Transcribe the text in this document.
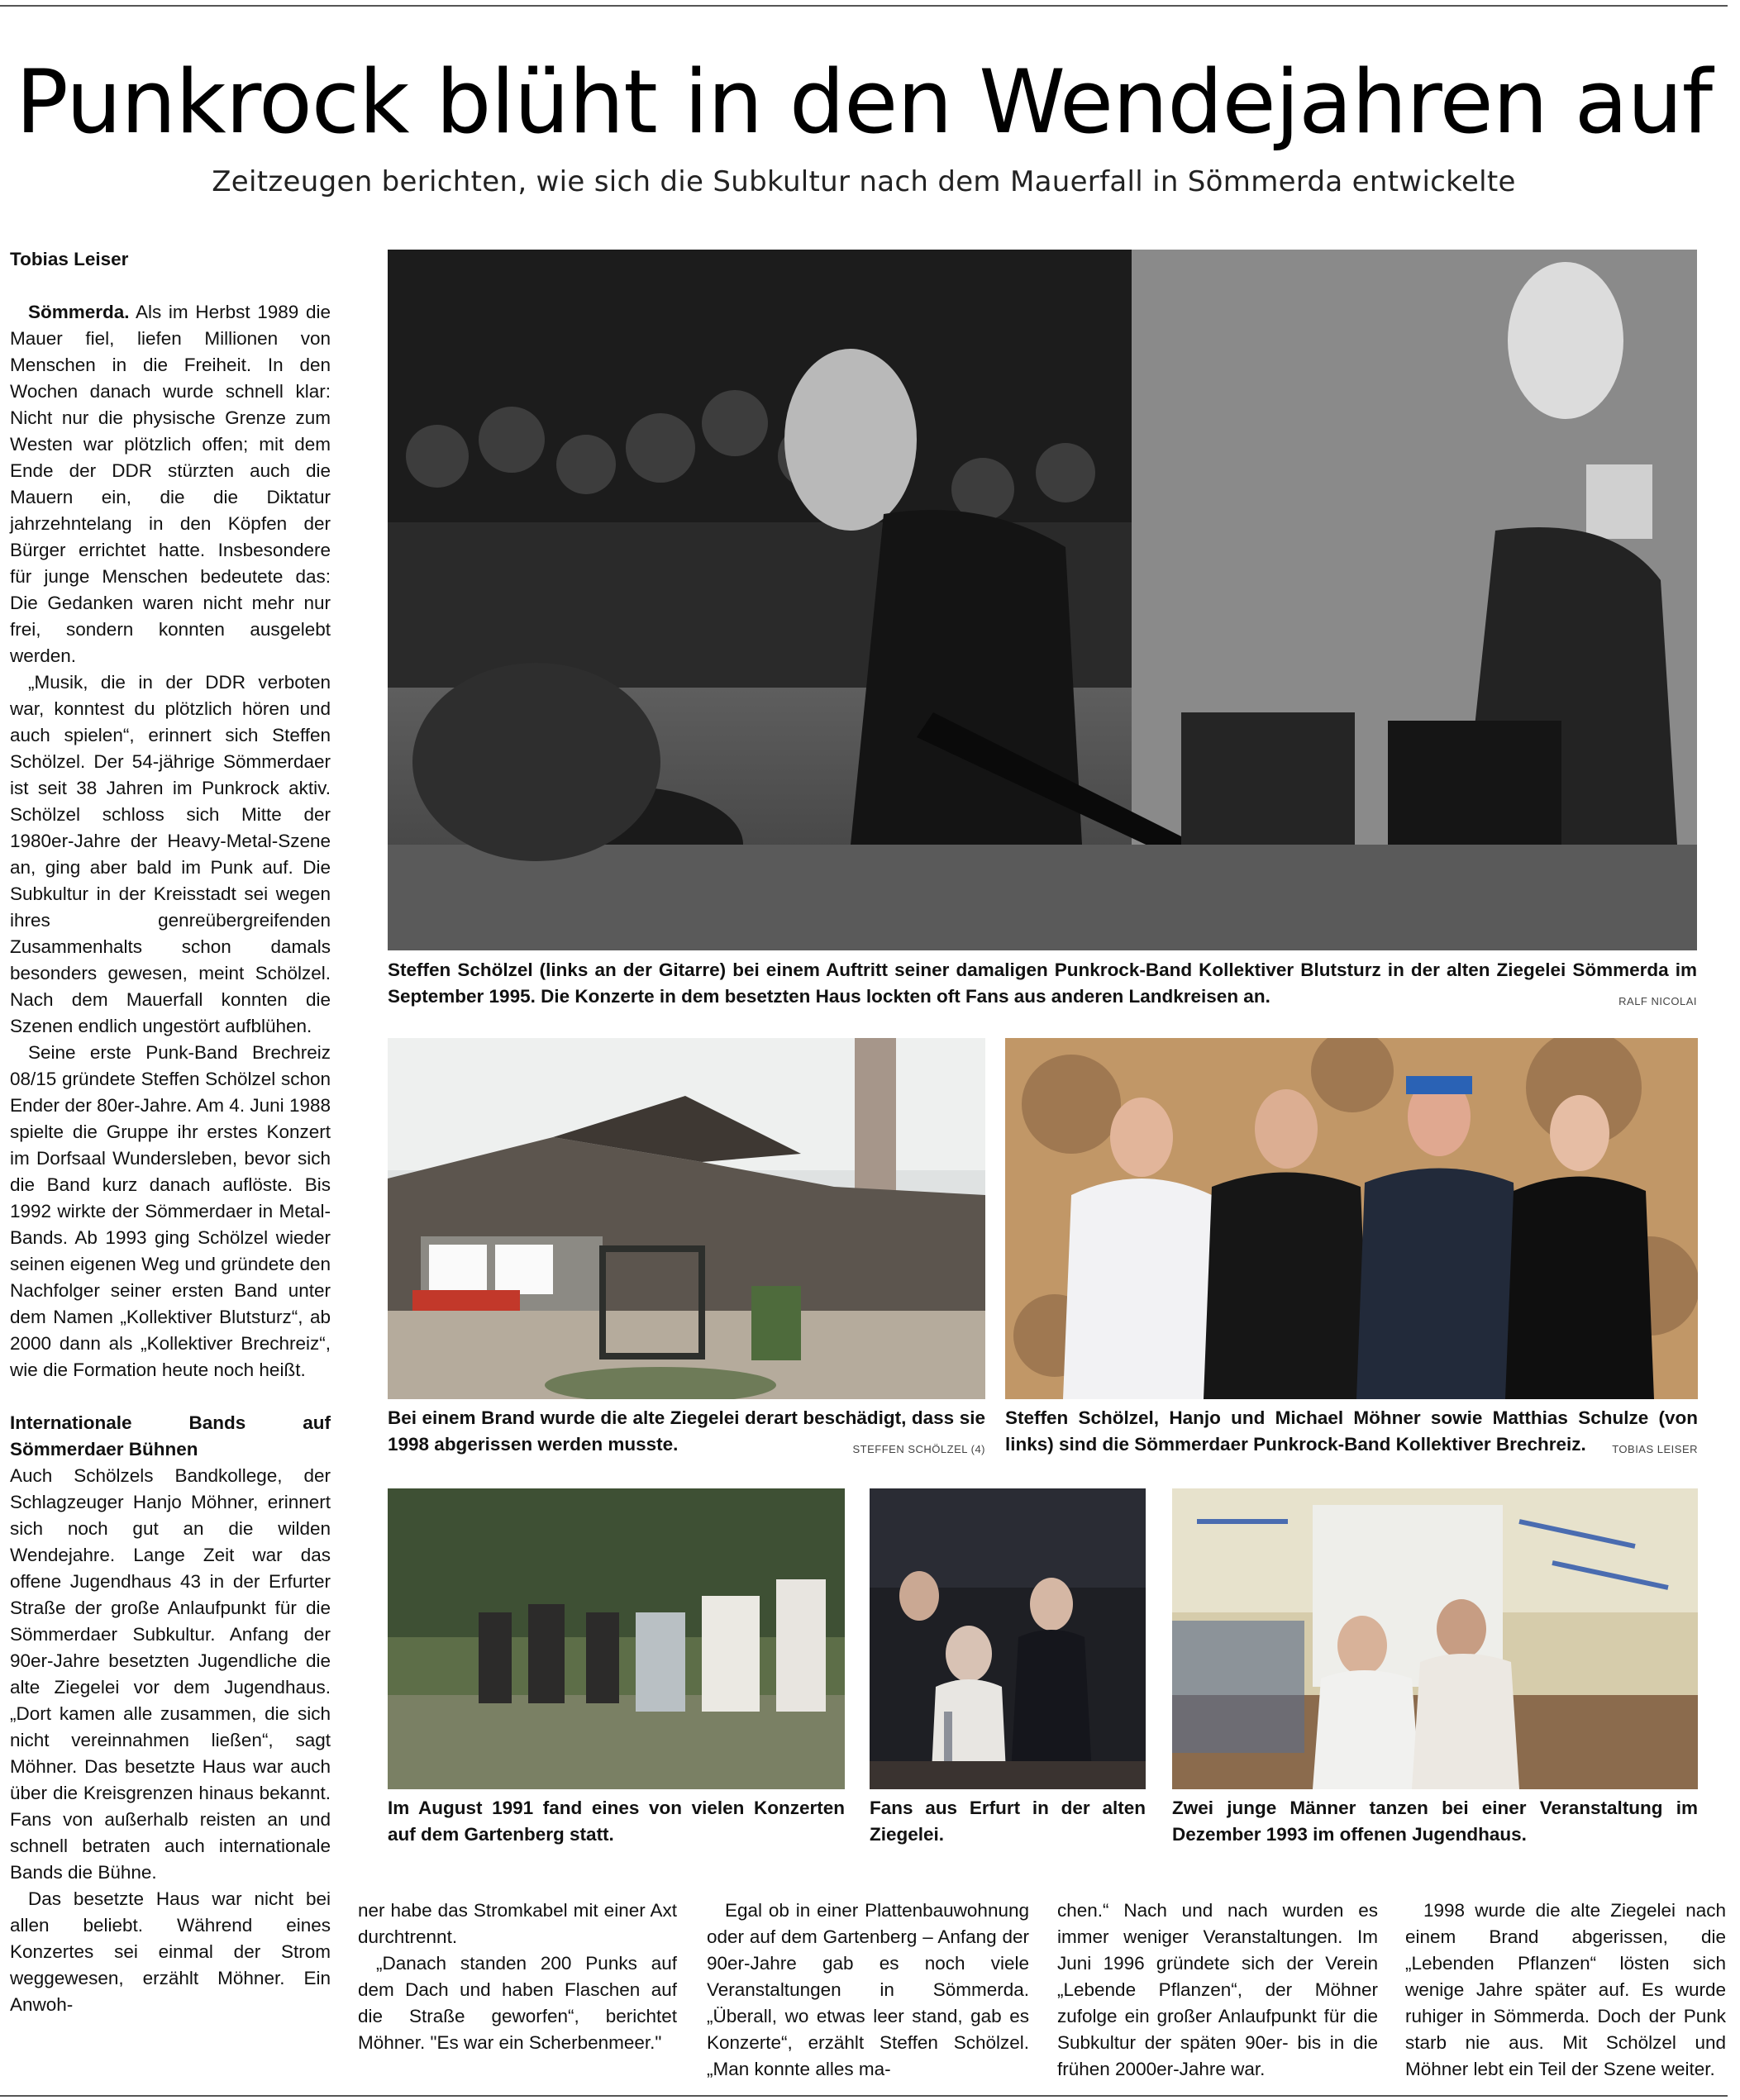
Punkrock blüht in den Wendejahren auf
Zeitzeugen berichten, wie sich die Subkultur nach dem Mauerfall in Sömmerda entwickelte

Tobias Leiser

Sömmerda. Als im Herbst 1989 die Mauer fiel, liefen Millionen von Menschen in die Freiheit. In den Wochen danach wurde schnell klar: Nicht nur die physische Grenze zum Westen war plötzlich offen; mit dem Ende der DDR stürzten auch die Mauern ein, die die Diktatur jahrzehntelang in den Köpfen der Bürger errichtet hatte. Insbesondere für junge Menschen bedeutete das: Die Gedanken waren nicht mehr nur frei, sondern konnten ausgelebt werden.

„Musik, die in der DDR verboten war, konntest du plötzlich hören und auch spielen“, erinnert sich Steffen Schölzel. Der 54-jährige Sömmerdaer ist seit 38 Jahren im Punkrock aktiv. Schölzel schloss sich Mitte der 1980er-Jahre der Heavy-Metal-Szene an, ging aber bald im Punk auf. Die Subkultur in der Kreisstadt sei wegen ihres genreübergreifenden Zusammenhalts schon damals besonders gewesen, meint Schölzel. Nach dem Mauerfall konnten die Szenen endlich ungestört aufblühen.

Seine erste Punk-Band Brechreiz 08/15 gründete Steffen Schölzel schon Ender der 80er-Jahre. Am 4. Juni 1988 spielte die Gruppe ihr erstes Konzert im Dorfsaal Wundersleben, bevor sich die Band kurz danach auflöste. Bis 1992 wirkte der Sömmerdaer in Metal-Bands. Ab 1993 ging Schölzel wieder seinen eigenen Weg und gründete den Nachfolger seiner ersten Band unter dem Namen „Kollektiver Blutsturz“, ab 2000 dann als „Kollektiver Brechreiz“, wie die Formation heute noch heißt.

Internationale Bands auf Sömmerdaer Bühnen

Auch Schölzels Bandkollege, der Schlagzeuger Hanjo Möhner, erinnert sich noch gut an die wilden Wendejahre. Lange Zeit war das offene Jugendhaus 43 in der Erfurter Straße der große Anlaufpunkt für die Sömmerdaer Subkultur. Anfang der 90er-Jahre besetzten Jugendliche die alte Ziegelei vor dem Jugendhaus. „Dort kamen alle zusammen, die sich nicht vereinnahmen ließen“, sagt Möhner. Das besetzte Haus war auch über die Kreisgrenzen hinaus bekannt. Fans von außerhalb reisten an und schnell betraten auch internationale Bands die Bühne.

Das besetzte Haus war nicht bei allen beliebt. Während eines Konzertes sei einmal der Strom weggewesen, erzählt Möhner. Ein Anwoh-

Steffen Schölzel (links an der Gitarre) bei einem Auftritt seiner damaligen Punkrock-Band Kollektiver Blutsturz in der alten Ziegelei Sömmerda im September 1995. Die Konzerte in dem besetzten Haus lockten oft Fans aus anderen Landkreisen an.	RALF NICOLAI
Bei einem Brand wurde die alte Ziegelei derart beschädigt, dass sie 1998 abgerissen werden musste.	STEFFEN SCHÖLZEL (4)
Steffen Schölzel, Hanjo und Michael Möhner sowie Matthias Schulze (von links) sind die Sömmerdaer Punkrock-Band Kollektiver Brechreiz. TOBIAS LEISER
Im August 1991 fand eines von vielen Konzerten auf dem Gartenberg statt.
Fans aus Erfurt in der alten Ziegelei.
Zwei junge Männer tanzen bei einer Veranstaltung im Dezember 1993 im offenen Jugendhaus.

ner habe das Stromkabel mit einer Axt durchtrennt.

„Danach standen 200 Punks auf dem Dach und haben Flaschen auf die Straße geworfen“, berichtet Möhner. "Es war ein Scherbenmeer."

Egal ob in einer Plattenbauwohnung oder auf dem Gartenberg – Anfang der 90er-Jahre gab es noch viele Veranstaltungen in Sömmerda. „Überall, wo etwas leer stand, gab es Konzerte“, erzählt Steffen Schölzel. „Man konnte alles ma-

chen.“ Nach und nach wurden es immer weniger Veranstaltungen. Im Juni 1996 gründete sich der Verein „Lebende Pflanzen“, der Möhner zufolge ein großer Anlaufpunkt für die Subkultur der späten 90er- bis in die frühen 2000er-Jahre war.

1998 wurde die alte Ziegelei nach einem Brand abgerissen, die „Lebenden Pflanzen“ lösten sich wenige Jahre später auf. Es wurde ruhiger in Sömmerda. Doch der Punk starb nie aus. Mit Schölzel und Möhner lebt ein Teil der Szene weiter.
